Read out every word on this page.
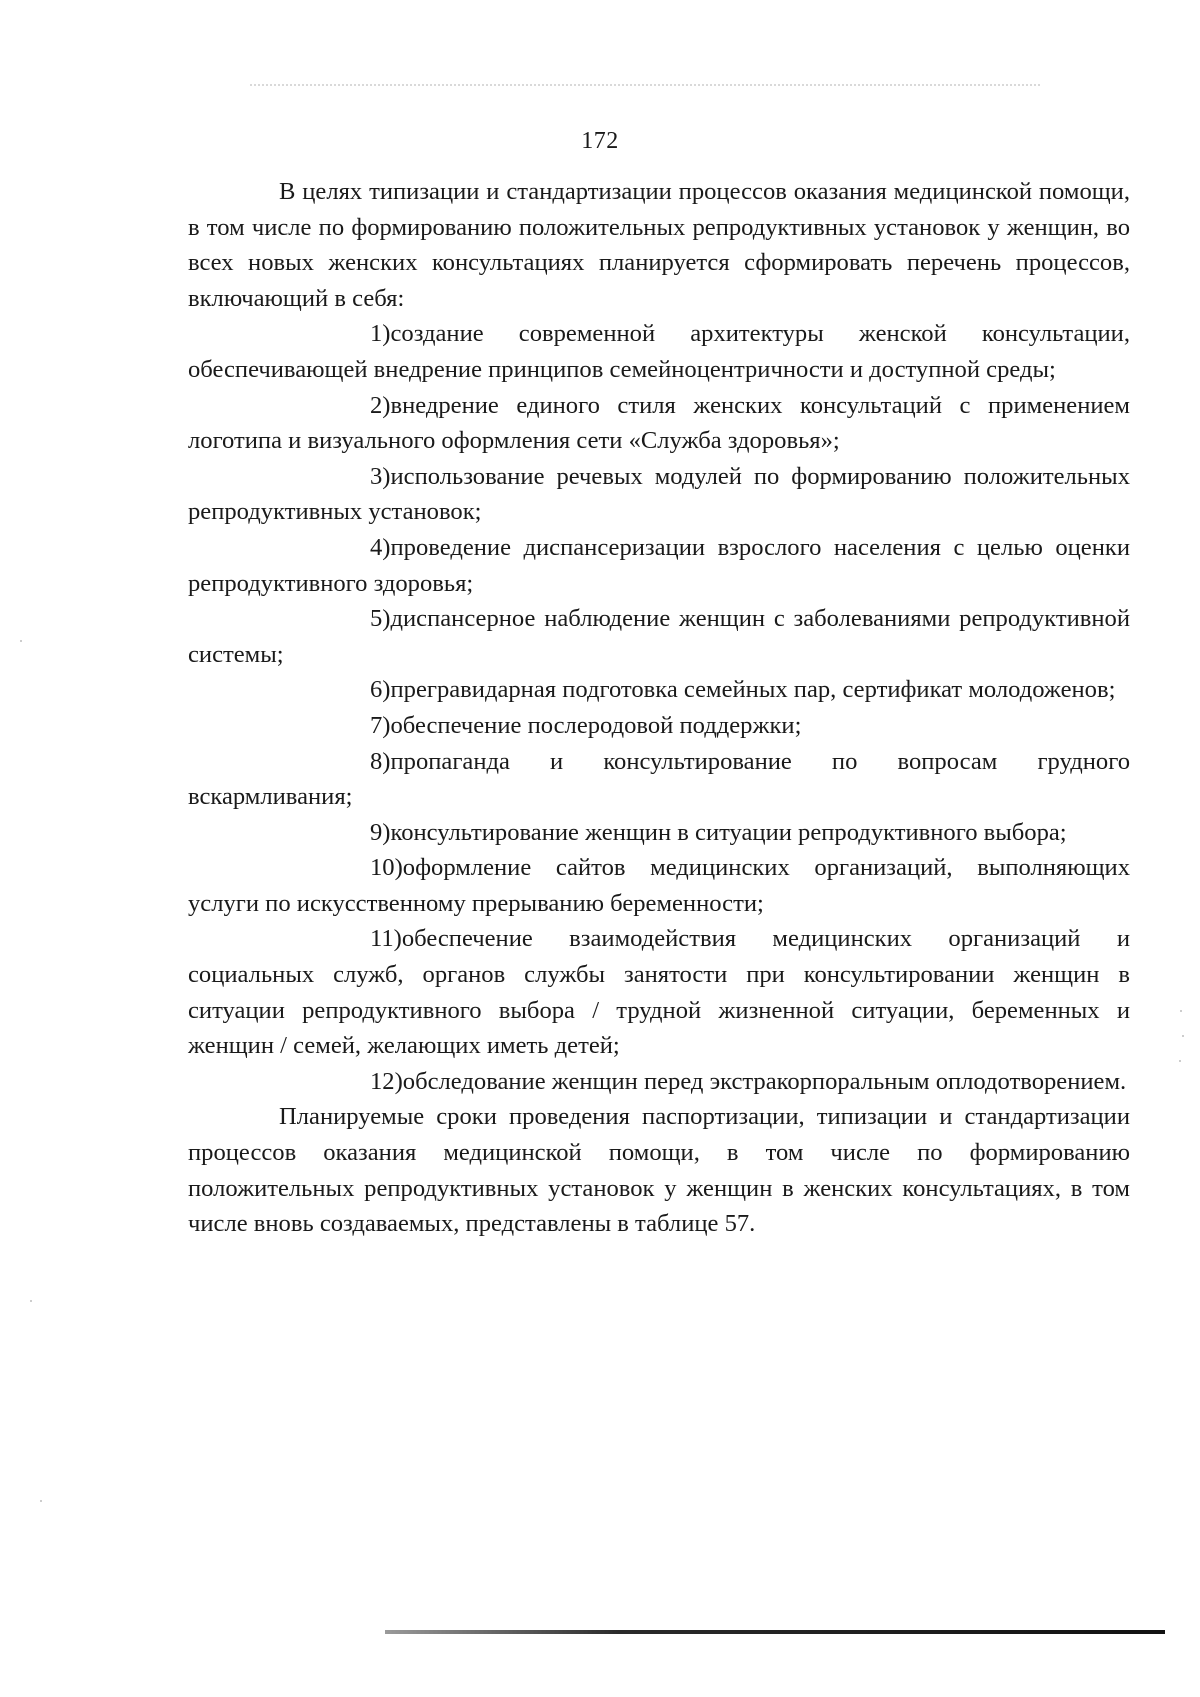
172

В целях типизации и стандартизации процессов оказания медицинской помощи, в том числе по формированию положительных репродуктивных установок у женщин, во всех новых женских консультациях планируется сформировать перечень процессов, включающий в себя:

1)создание современной архитектуры женской консультации, обеспечивающей внедрение принципов семейноцентричности и доступной среды;

2)внедрение единого стиля женских консультаций с применением логотипа и визуального оформления сети «Служба здоровья»;

3)использование речевых модулей по формированию положительных репродуктивных установок;

4)проведение диспансеризации взрослого населения с целью оценки репродуктивного здоровья;

5)диспансерное наблюдение женщин с заболеваниями репродуктивной системы;

6)прегравидарная подготовка семейных пар, сертификат молодоженов;

7)обеспечение послеродовой поддержки;

8)пропаганда и консультирование по вопросам грудного вскармливания;

9)консультирование женщин в ситуации репродуктивного выбора;

10)оформление сайтов медицинских организаций, выполняющих услуги по искусственному прерыванию беременности;

11)обеспечение взаимодействия медицинских организаций и социальных служб, органов службы занятости при консультировании женщин в ситуации репродуктивного выбора / трудной жизненной ситуации, беременных и женщин / семей, желающих иметь детей;

12)обследование женщин перед экстракорпоральным оплодотворением.

Планируемые сроки проведения паспортизации, типизации и стандартизации процессов оказания медицинской помощи, в том числе по формированию положительных репродуктивных установок у женщин в женских консультациях, в том числе вновь создаваемых, представлены в таблице 57.
